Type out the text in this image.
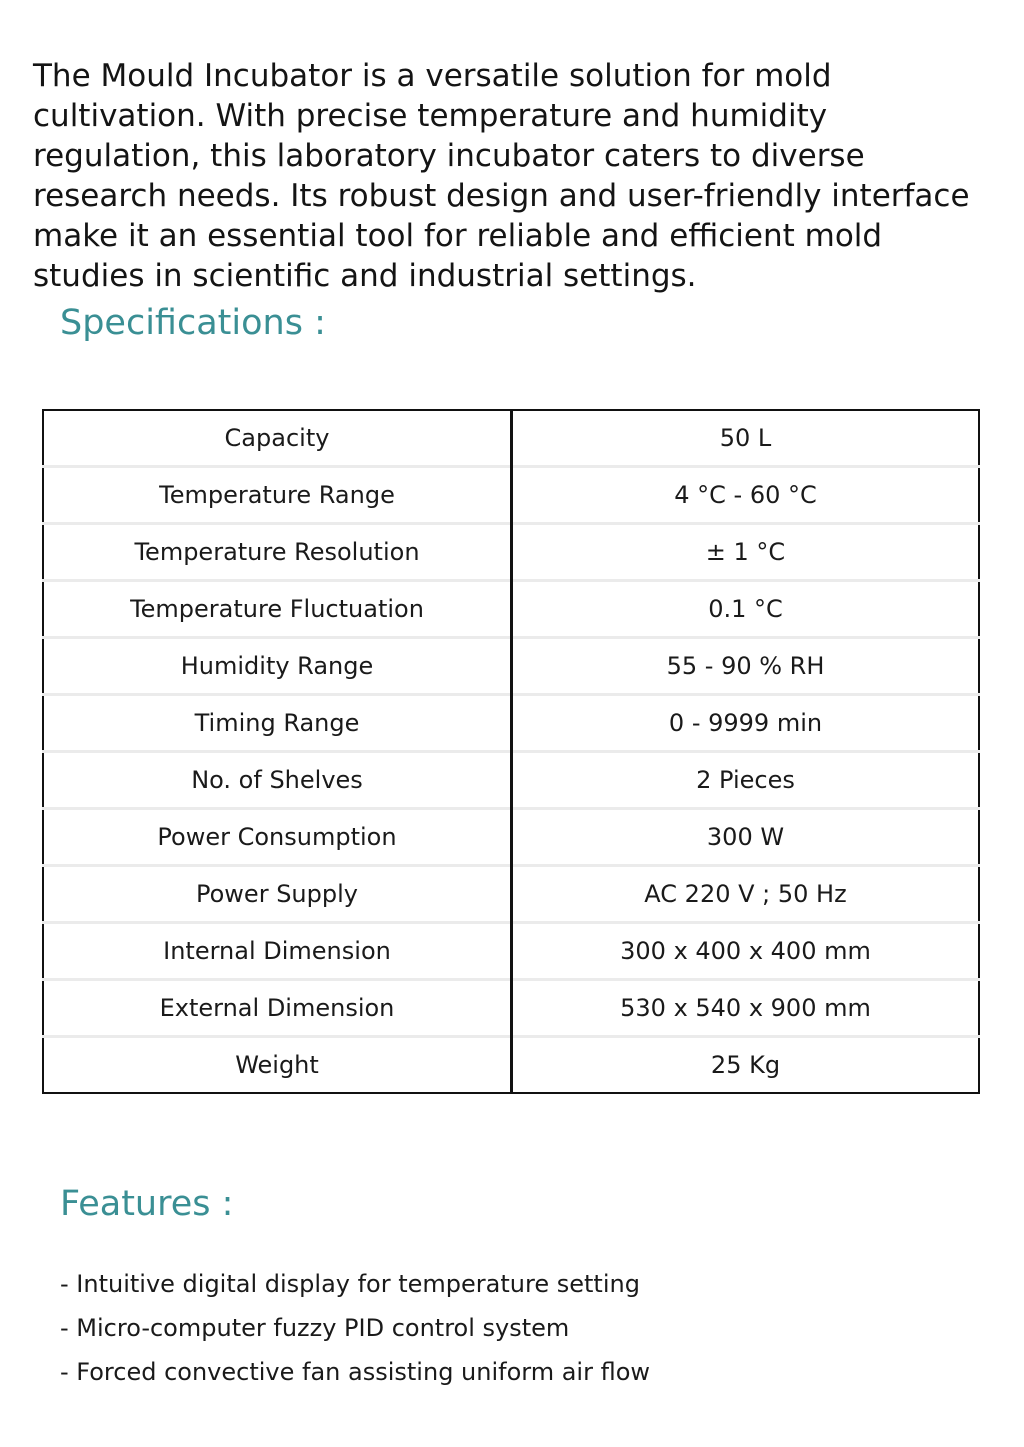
The Mould Incubator is a versatile solution for mold cultivation. With precise temperature and humidity regulation, this laboratory incubator caters to diverse research needs. Its robust design and user-friendly interface make it an essential tool for reliable and efficient mold studies in scientific and industrial settings.

Specifications :
Capacity	50 L
Temperature Range	4 °C - 60 °C
Temperature Resolution	± 1 °C
Temperature Fluctuation	0.1 °C
Humidity Range	55 - 90 % RH
Timing Range	0 - 9999 min
No. of Shelves	2 Pieces
Power Consumption	300 W
Power Supply	AC 220 V ; 50 Hz
Internal Dimension	300 x 400 x 400 mm
External Dimension	530 x 540 x 900 mm
Weight	25 Kg
Features :
- Intuitive digital display for temperature setting
- Micro-computer fuzzy PID control system
- Forced convective fan assisting uniform air flow
